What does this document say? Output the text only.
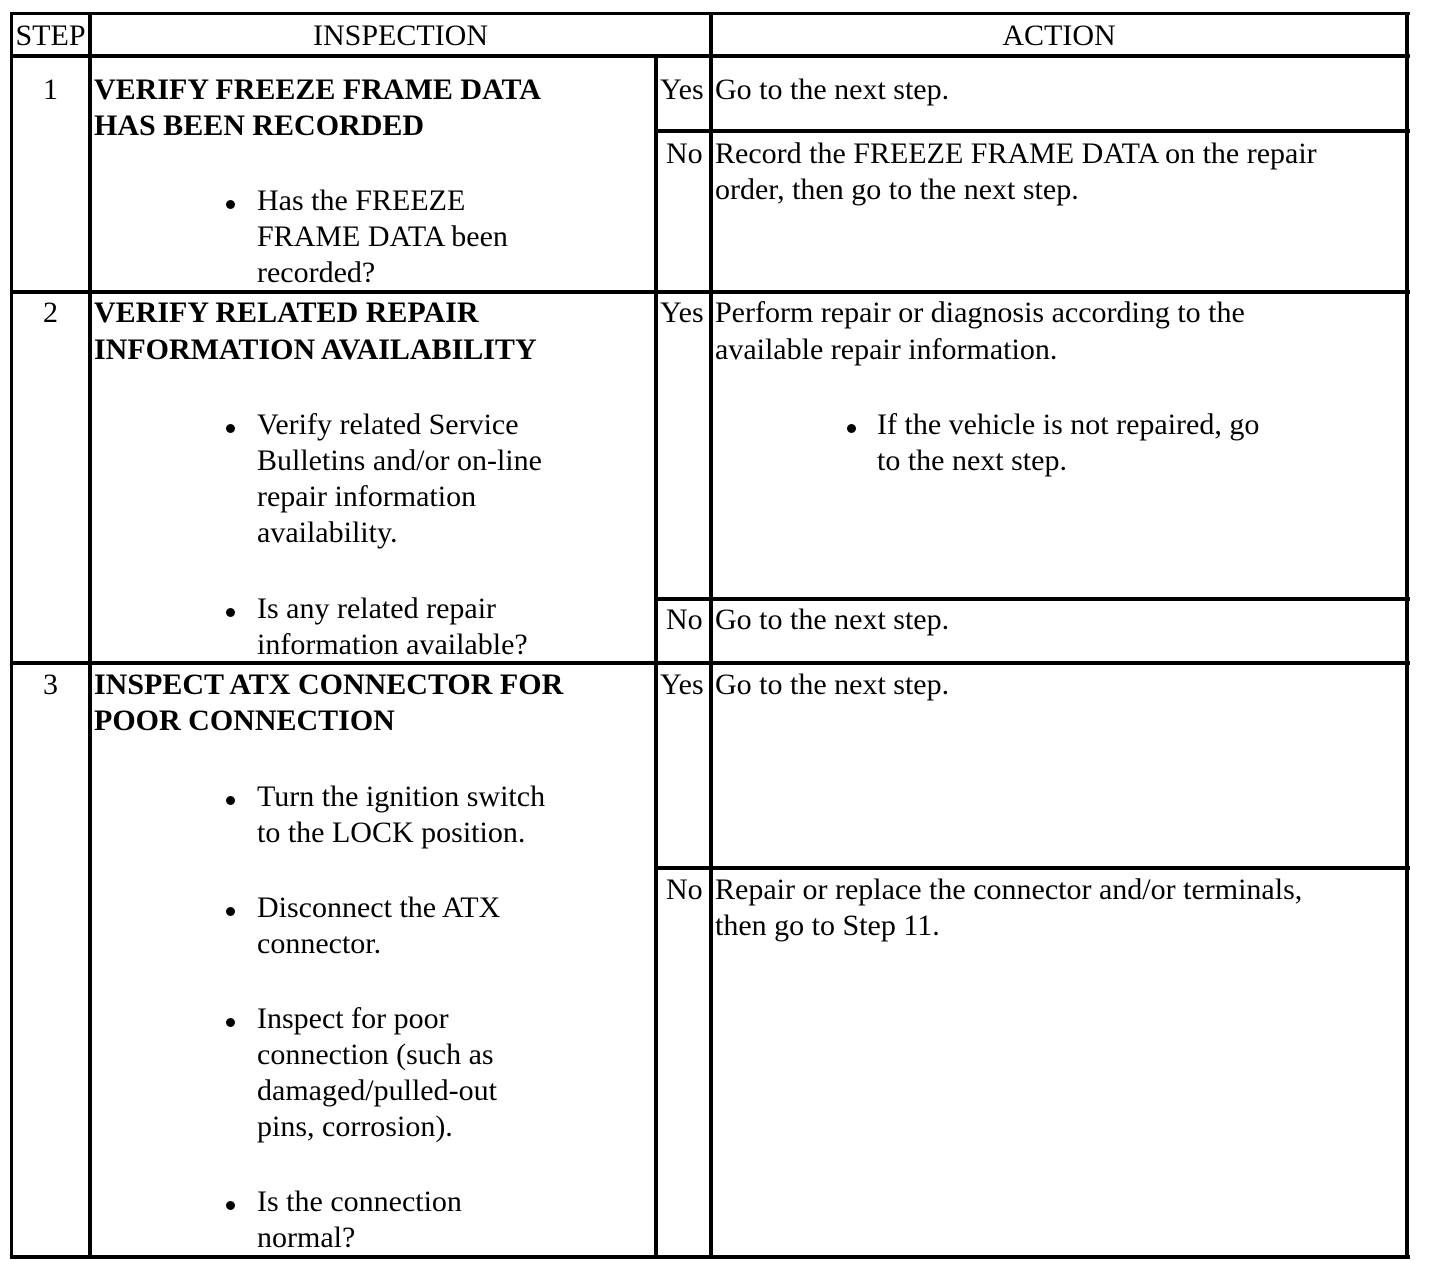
STEP	INSPECTION	ACTION
1	VERIFY FREEZE FRAME DATA
HAS BEEN RECORDED
Has the FREEZE
FRAME DATA been
recorded?
Yes Go to the next step.
No Record the FREEZE FRAME DATA on the repair
order, then go to the next step.
2	VERIFY RELATED REPAIR
INFORMATION AVAILABILITY
Verify related Service
Bulletins and/or on-line
repair information
availability.
Is any related repair
information available?
Yes Perform repair or diagnosis according to the
available repair information.
If the vehicle is not repaired, go
to the next step.
No Go to the next step.
3	INSPECT ATX CONNECTOR FOR
POOR CONNECTION
Turn the ignition switch
to the LOCK position.
Disconnect the ATX
connector.
Inspect for poor
connection (such as
damaged/pulled-out
pins, corrosion).
Is the connection
normal?
Yes Go to the next step.
No Repair or replace the connector and/or terminals,
then go to Step 11.
